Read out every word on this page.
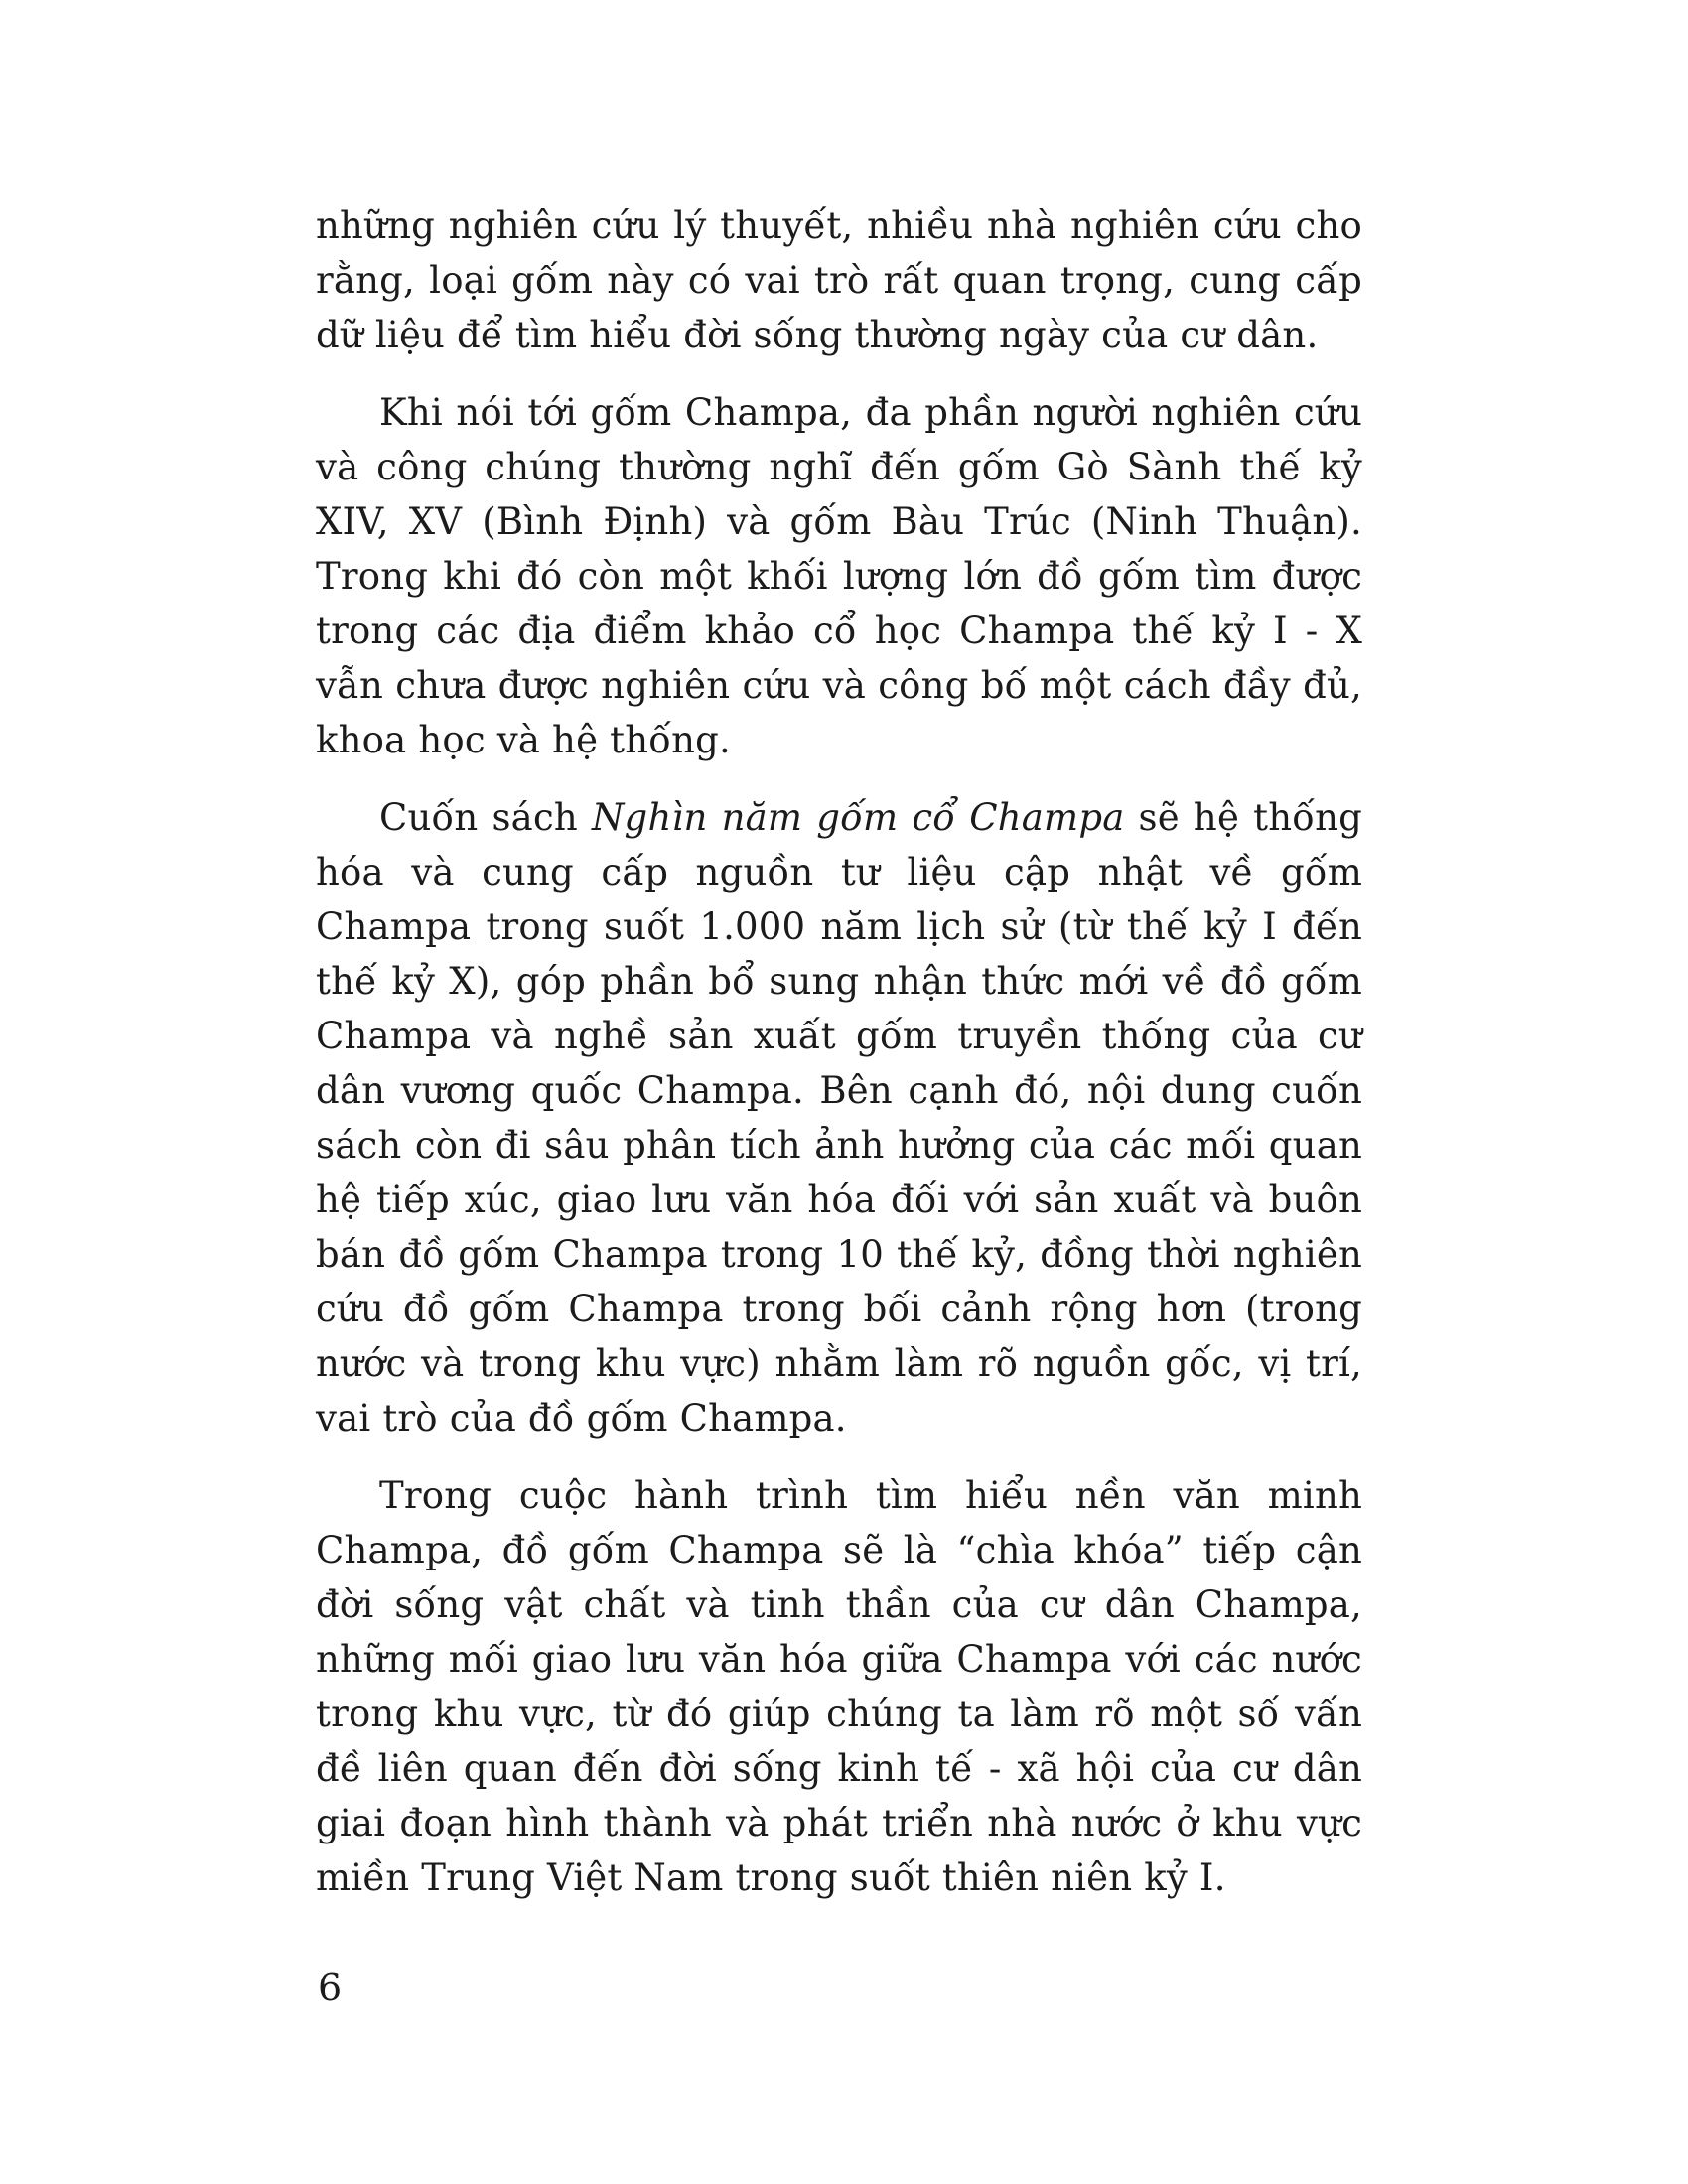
những nghiên cứu lý thuyết, nhiều nhà nghiên cứu cho rằng, loại gốm này có vai trò rất quan trọng, cung cấp dữ liệu để tìm hiểu đời sống thường ngày của cư dân.

Khi nói tới gốm Champa, đa phần người nghiên cứu và công chúng thường nghĩ đến gốm Gò Sành thế kỷ XIV, XV (Bình Định) và gốm Bàu Trúc (Ninh Thuận). Trong khi đó còn một khối lượng lớn đồ gốm tìm được trong các địa điểm khảo cổ học Champa thế kỷ I - X vẫn chưa được nghiên cứu và công bố một cách đầy đủ, khoa học và hệ thống.

Cuốn sách Nghìn năm gốm cổ Champa sẽ hệ thống hóa và cung cấp nguồn tư liệu cập nhật về gốm Champa trong suốt 1.000 năm lịch sử (từ thế kỷ I đến thế kỷ X), góp phần bổ sung nhận thức mới về đồ gốm Champa và nghề sản xuất gốm truyền thống của cư dân vương quốc Champa. Bên cạnh đó, nội dung cuốn sách còn đi sâu phân tích ảnh hưởng của các mối quan hệ tiếp xúc, giao lưu văn hóa đối với sản xuất và buôn bán đồ gốm Champa trong 10 thế kỷ, đồng thời nghiên cứu đồ gốm Champa trong bối cảnh rộng hơn (trong nước và trong khu vực) nhằm làm rõ nguồn gốc, vị trí, vai trò của đồ gốm Champa.

Trong cuộc hành trình tìm hiểu nền văn minh Champa, đồ gốm Champa sẽ là “chìa khóa” tiếp cận đời sống vật chất và tinh thần của cư dân Champa, những mối giao lưu văn hóa giữa Champa với các nước trong khu vực, từ đó giúp chúng ta làm rõ một số vấn đề liên quan đến đời sống kinh tế - xã hội của cư dân giai đoạn hình thành và phát triển nhà nước ở khu vực miền Trung Việt Nam trong suốt thiên niên kỷ I.

6
